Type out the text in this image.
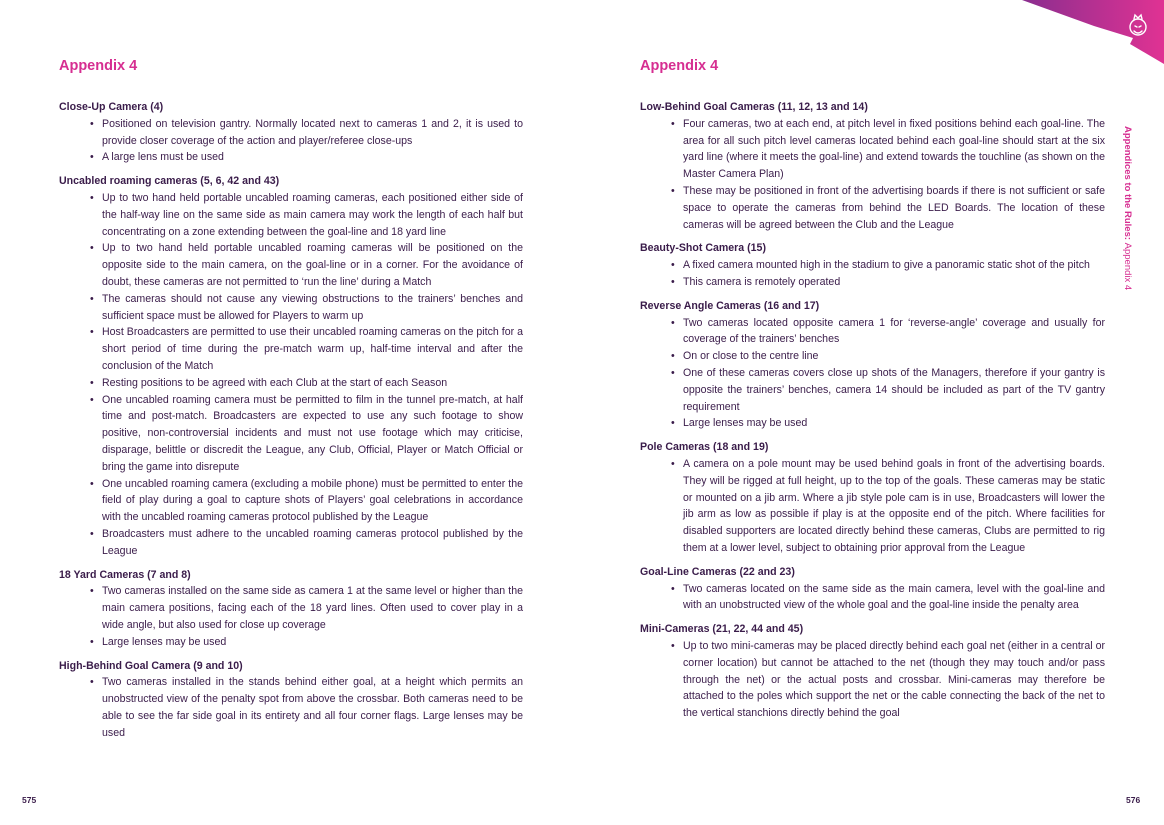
Appendix 4
Close-Up Camera (4)
• Positioned on television gantry. Normally located next to cameras 1 and 2, it is used to provide closer coverage of the action and player/referee close-ups
• A large lens must be used
Uncabled roaming cameras (5, 6, 42 and 43)
• Up to two hand held portable uncabled roaming cameras, each positioned either side of the half-way line on the same side as main camera may work the length of each half but concentrating on a zone extending between the goal-line and 18 yard line
• Up to two hand held portable uncabled roaming cameras will be positioned on the opposite side to the main camera, on the goal-line or in a corner. For the avoidance of doubt, these cameras are not permitted to ‘run the line’ during a Match
• The cameras should not cause any viewing obstructions to the trainers’ benches and sufficient space must be allowed for Players to warm up
• Host Broadcasters are permitted to use their uncabled roaming cameras on the pitch for a short period of time during the pre-match warm up, half-time interval and after the conclusion of the Match
• Resting positions to be agreed with each Club at the start of each Season
• One uncabled roaming camera must be permitted to film in the tunnel pre-match, at half time and post-match. Broadcasters are expected to use any such footage to show positive, non-controversial incidents and must not use footage which may criticise, disparage, belittle or discredit the League, any Club, Official, Player or Match Official or bring the game into disrepute
• One uncabled roaming camera (excluding a mobile phone) must be permitted to enter the field of play during a goal to capture shots of Players’ goal celebrations in accordance with the uncabled roaming cameras protocol published by the League
• Broadcasters must adhere to the uncabled roaming cameras protocol published by the League
18 Yard Cameras (7 and 8)
• Two cameras installed on the same side as camera 1 at the same level or higher than the main camera positions, facing each of the 18 yard lines. Often used to cover play in a wide angle, but also used for close up coverage
• Large lenses may be used
High-Behind Goal Camera (9 and 10)
• Two cameras installed in the stands behind either goal, at a height which permits an unobstructed view of the penalty spot from above the crossbar. Both cameras need to be able to see the far side goal in its entirety and all four corner flags. Large lenses may be used
575
Appendices to the Rules: Appendix 4
Appendix 4
Low-Behind Goal Cameras (11, 12, 13 and 14)
• Four cameras, two at each end, at pitch level in fixed positions behind each goal-line. The area for all such pitch level cameras located behind each goal-line should start at the six yard line (where it meets the goal-line) and extend towards the touchline (as shown on the Master Camera Plan)
• These may be positioned in front of the advertising boards if there is not sufficient or safe space to operate the cameras from behind the LED Boards. The location of these cameras will be agreed between the Club and the League
Beauty-Shot Camera (15)
• A fixed camera mounted high in the stadium to give a panoramic static shot of the pitch
• This camera is remotely operated
Reverse Angle Cameras (16 and 17)
• Two cameras located opposite camera 1 for ‘reverse-angle’ coverage and usually for coverage of the trainers’ benches
• On or close to the centre line
• One of these cameras covers close up shots of the Managers, therefore if your gantry is opposite the trainers’ benches, camera 14 should be included as part of the TV gantry requirement
• Large lenses may be used
Pole Cameras (18 and 19)
• A camera on a pole mount may be used behind goals in front of the advertising boards. They will be rigged at full height, up to the top of the goals. These cameras may be static or mounted on a jib arm. Where a jib style pole cam is in use, Broadcasters will lower the jib arm as low as possible if play is at the opposite end of the pitch. Where facilities for disabled supporters are located directly behind these cameras, Clubs are permitted to rig them at a lower level, subject to obtaining prior approval from the League
Goal-Line Cameras (22 and 23)
• Two cameras located on the same side as the main camera, level with the goal-line and with an unobstructed view of the whole goal and the goal-line inside the penalty area
Mini-Cameras (21, 22, 44 and 45)
• Up to two mini-cameras may be placed directly behind each goal net (either in a central or corner location) but cannot be attached to the net (though they may touch and/or pass through the net) or the actual posts and crossbar. Mini-cameras may therefore be attached to the poles which support the net or the cable connecting the back of the net to the vertical stanchions directly behind the goal
576
